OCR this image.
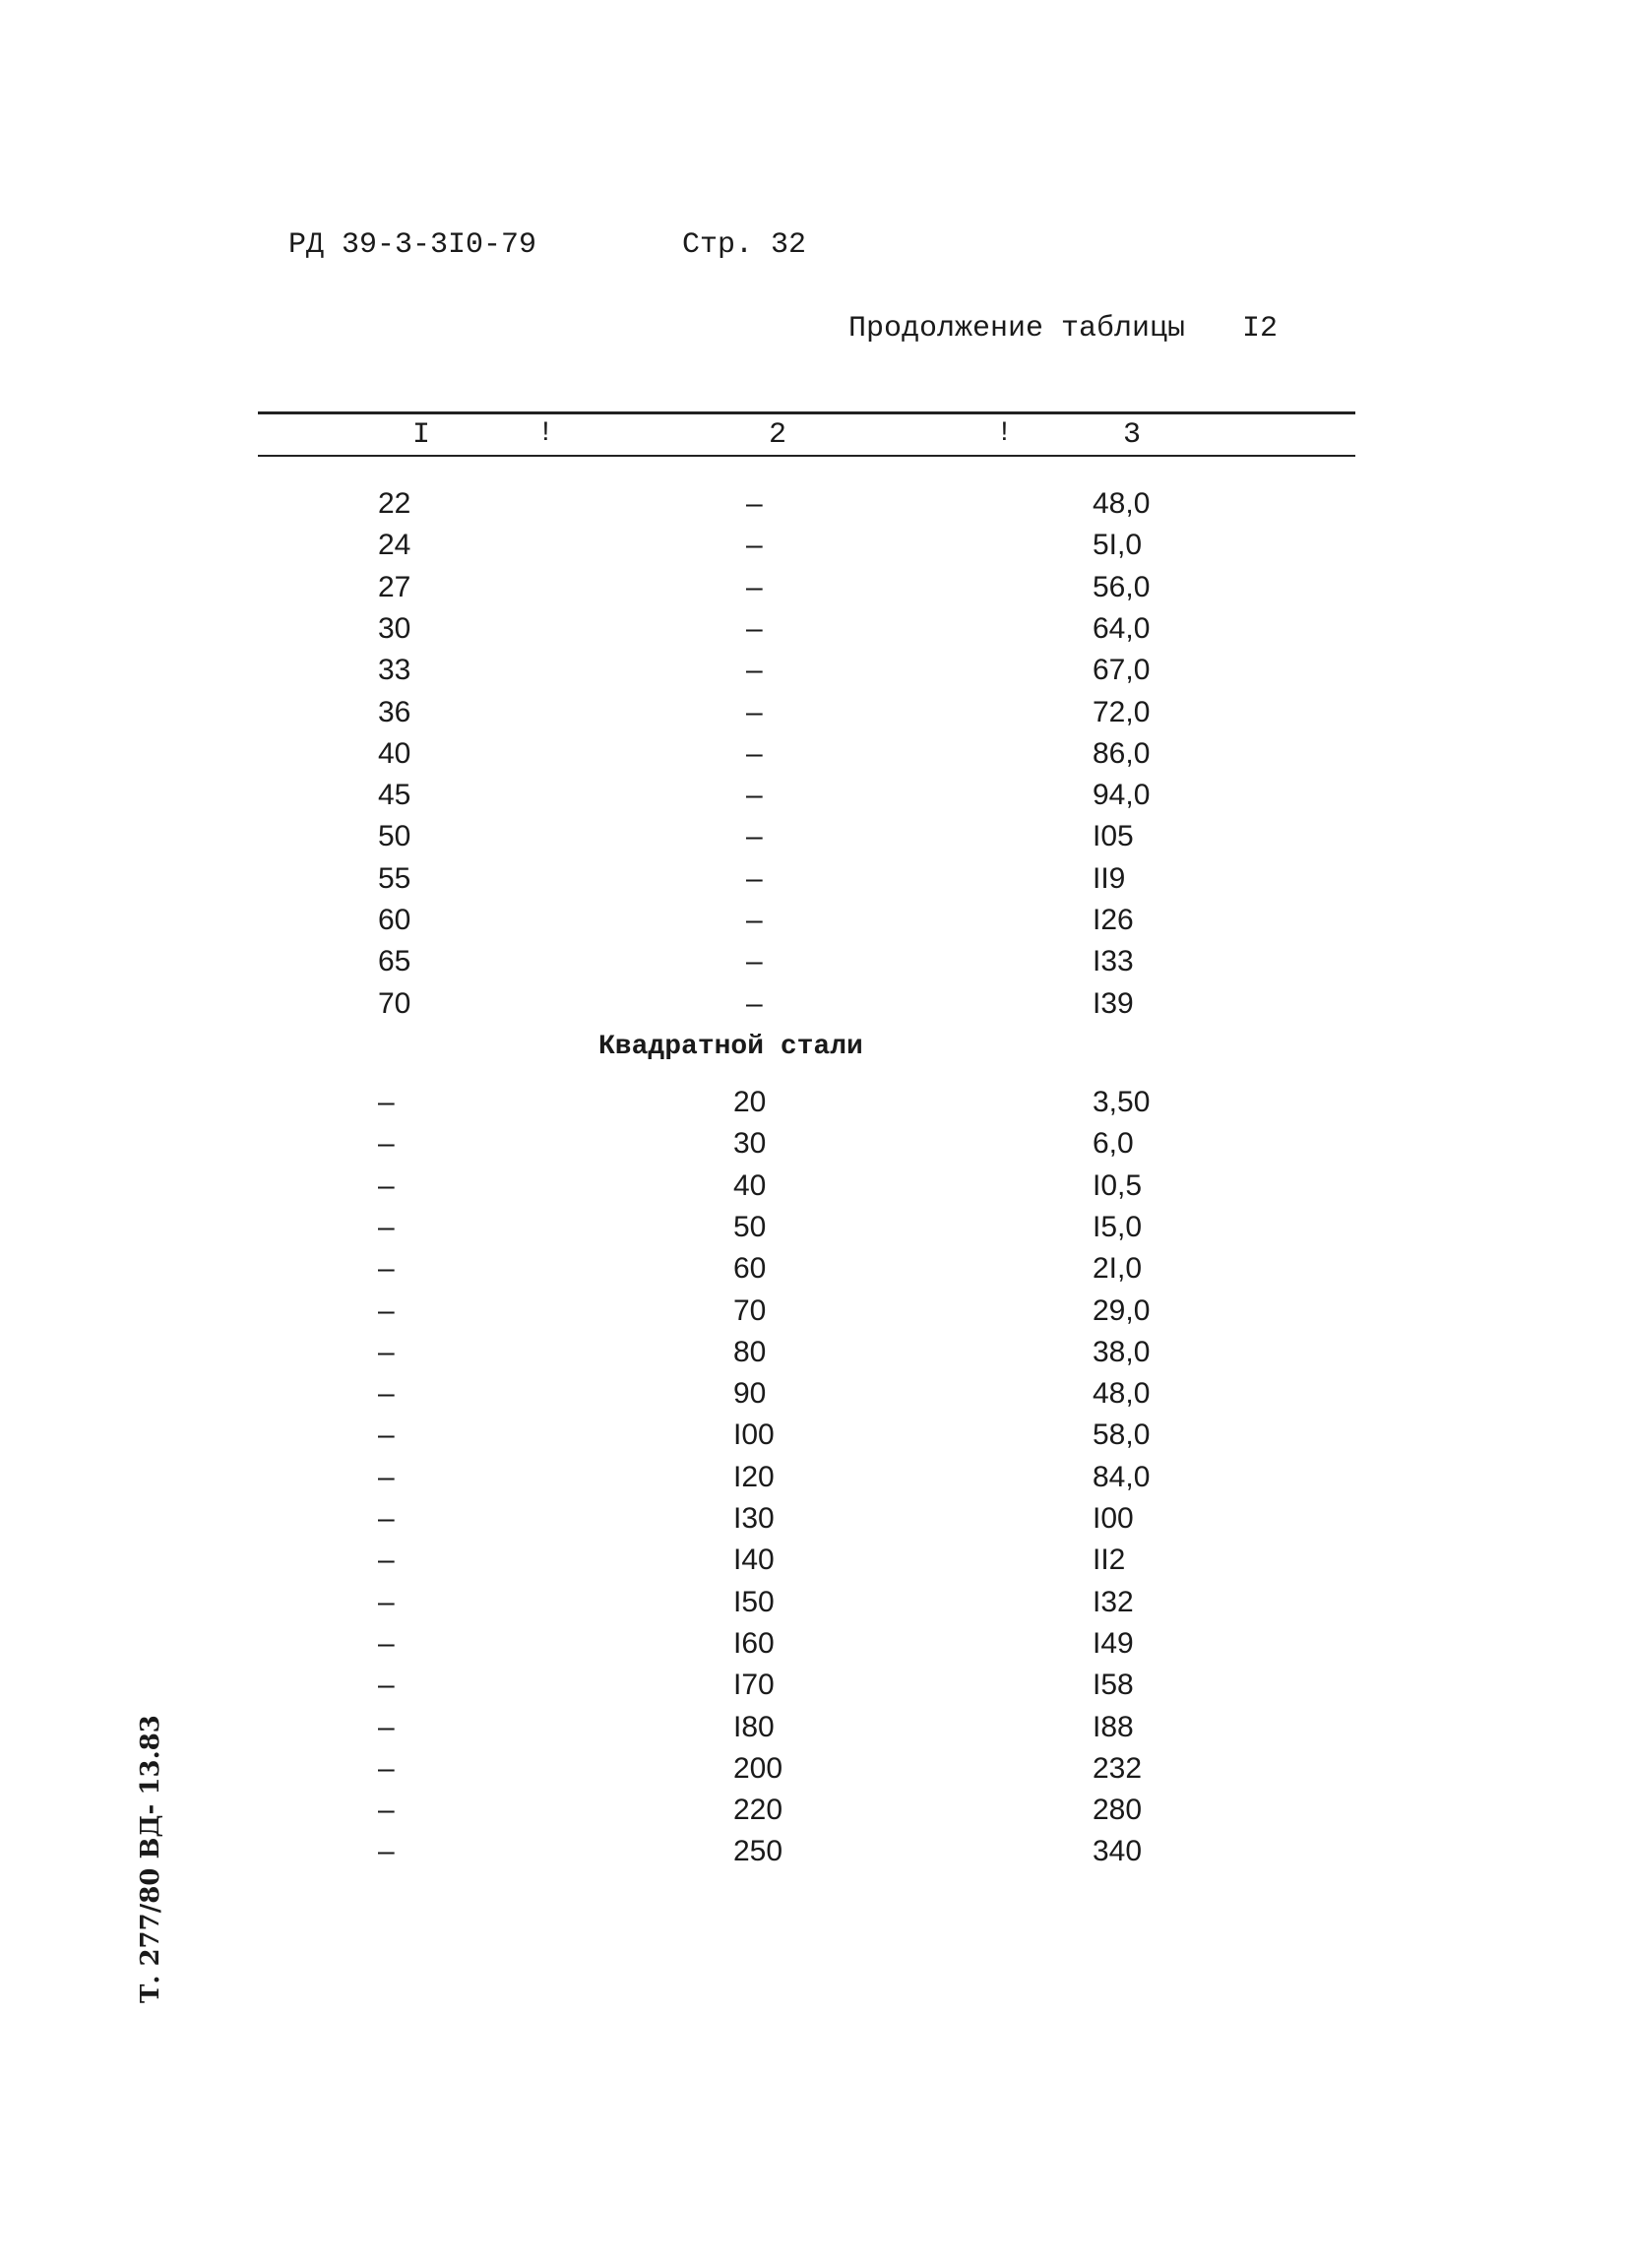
РД 39-3-3I0-79	Стр. 32
Продолжение таблицы I2
I	!	2	!	3
22	–	48,0
24	–	5I,0
27	–	56,0
30	–	64,0
33	–	67,0
36	–	72,0
40	–	86,0
45	–	94,0
50	–	I05
55	–	II9
60	–	I26
65	–	I33
70	–	I39
Квадратной стали
–	20	3,50
–	30	6,0
–	40	I0,5
–	50	I5,0
–	60	2I,0
–	70	29,0
–	80	38,0
–	90	48,0
–	I00	58,0
–	I20	84,0
–	I30	I00
–	I40	II2
–	I50	I32
–	I60	I49
–	I70	I58
–	I80	I88
–	200	232
–	220	280
–	250	340
Т. 277/80 ВД- 13.83
